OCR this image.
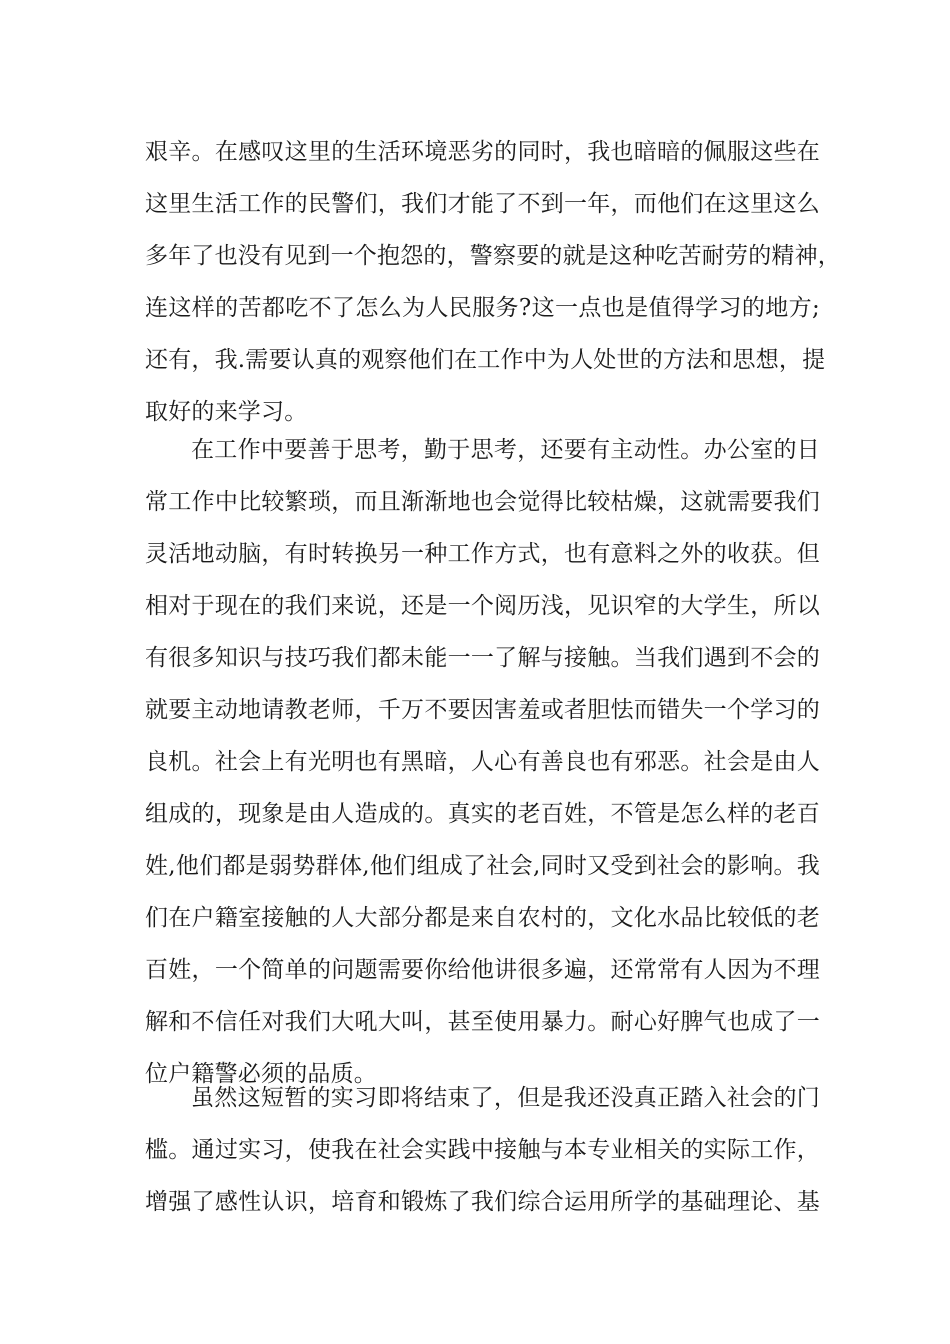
艰辛。在感叹这里的生活环境恶劣的同时，我也暗暗的佩服这些在
这里生活工作的民警们，我们才能了不到一年，而他们在这里这么
多年了也没有见到一个抱怨的，警察要的就是这种吃苦耐劳的精神，
连这样的苦都吃不了怎么为人民服务?这一点也是值得学习的地方;
还有，我.需要认真的观察他们在工作中为人处世的方法和思想，提
取好的来学习。
在工作中要善于思考，勤于思考，还要有主动性。办公室的日
常工作中比较繁琐，而且渐渐地也会觉得比较枯燥，这就需要我们
灵活地动脑，有时转换另一种工作方式，也有意料之外的收获。但
相对于现在的我们来说，还是一个阅历浅，见识窄的大学生，所以
有很多知识与技巧我们都未能一一了解与接触。当我们遇到不会的
就要主动地请教老师，千万不要因害羞或者胆怯而错失一个学习的
良机。社会上有光明也有黑暗，人心有善良也有邪恶。社会是由人
组成的，现象是由人造成的。真实的老百姓，不管是怎么样的老百
姓,他们都是弱势群体,他们组成了社会,同时又受到社会的影响。我
们在户籍室接触的人大部分都是来自农村的，文化水品比较低的老
百姓，一个简单的问题需要你给他讲很多遍，还常常有人因为不理
解和不信任对我们大吼大叫，甚至使用暴力。耐心好脾气也成了一
位户籍警必须的品质。
虽然这短暂的实习即将结束了，但是我还没真正踏入社会的门
槛。通过实习，使我在社会实践中接触与本专业相关的实际工作，
增强了感性认识，培育和锻炼了我们综合运用所学的基础理论、基
